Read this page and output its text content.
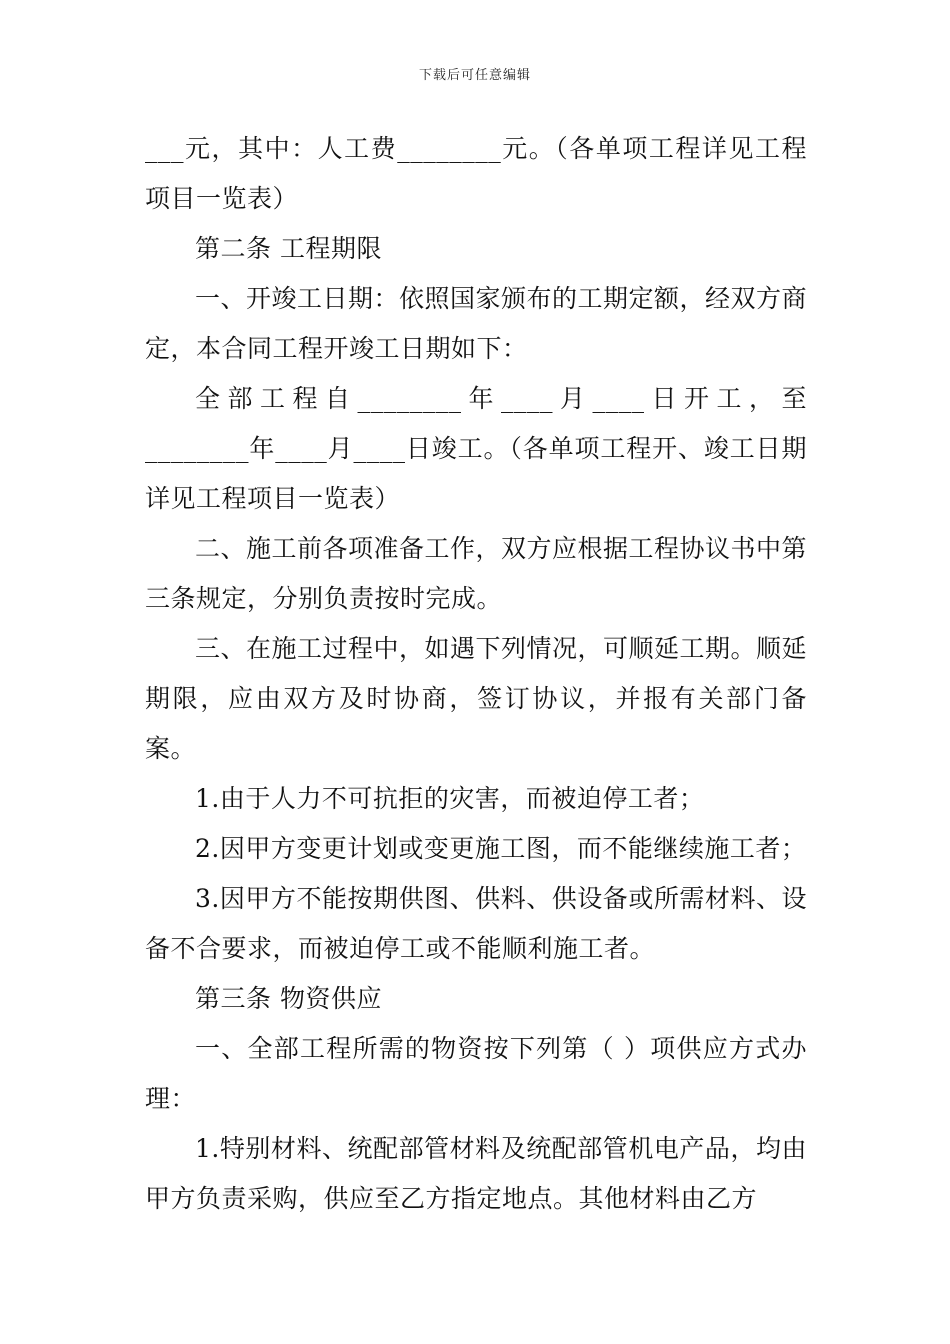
下载后可任意编辑

___元，其中：人工费________元。（各单项工程详见工程项目一览表）

第二条 工程期限

一、开竣工日期：依照国家颁布的工期定额，经双方商定，本合同工程开竣工日期如下：

全部工程自________年____月____日开工，至________年____月____日竣工。（各单项工程开、竣工日期详见工程项目一览表）

二、施工前各项准备工作，双方应根据工程协议书中第三条规定，分别负责按时完成。

三、在施工过程中，如遇下列情况，可顺延工期。顺延期限，应由双方及时协商，签订协议，并报有关部门备案。

1.由于人力不可抗拒的灾害，而被迫停工者；

2.因甲方变更计划或变更施工图，而不能继续施工者；

3.因甲方不能按期供图、供料、供设备或所需材料、设备不合要求，而被迫停工或不能顺利施工者。

第三条 物资供应

一、全部工程所需的物资按下列第（ ）项供应方式办理：

1.特别材料、统配部管材料及统配部管机电产品，均由甲方负责采购，供应至乙方指定地点。其他材料由乙方
